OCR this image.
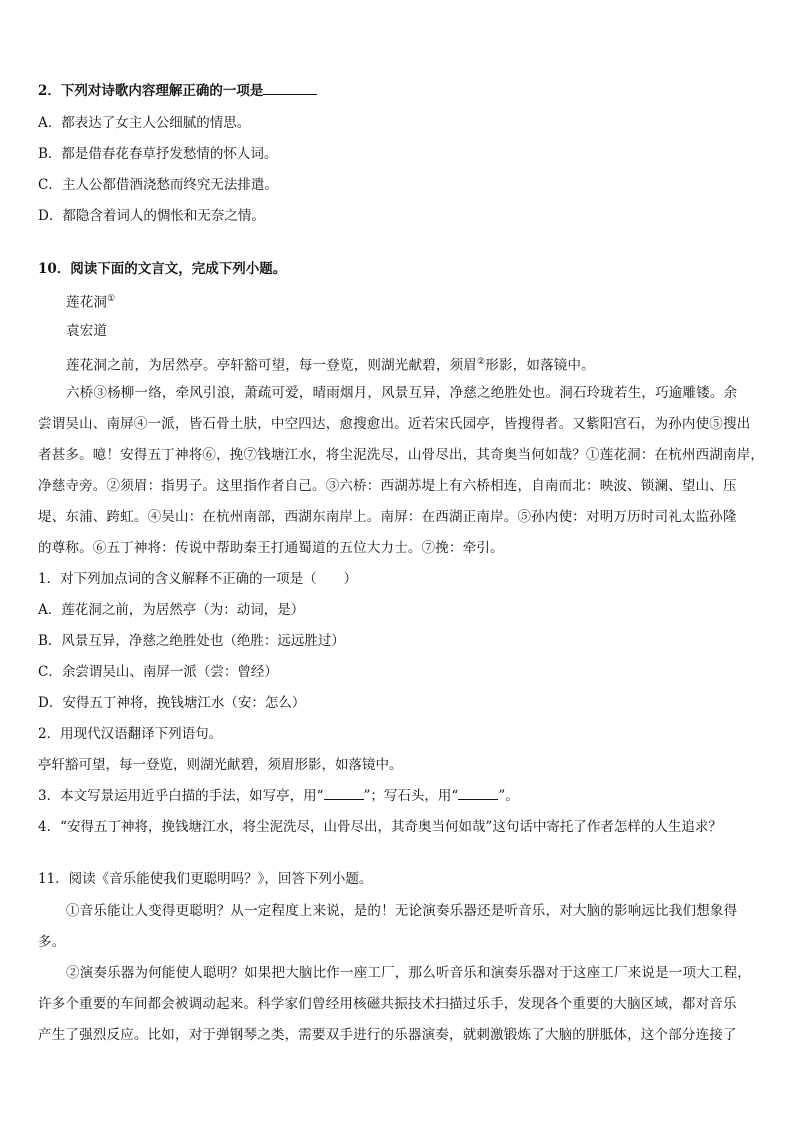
2．下列对诗歌内容理解正确的一项是
A．都表达了女主人公细腻的情思。
B．都是借春花春草抒发愁情的怀人词。
C．主人公都借酒浇愁而终究无法排遣。
D．都隐含着词人的惆怅和无奈之情。
10．阅读下面的文言文，完成下列小题。
莲花洞①
袁宏道
莲花洞之前，为居然亭。亭轩豁可望，每一登览，则湖光献碧，须眉②形影，如落镜中。
六桥③杨柳一络，牵风引浪，萧疏可爱，晴雨烟月，风景互异，净慈之绝胜处也。洞石玲珑若生，巧逾雕镂。余
尝谓吴山、南屏④一派，皆石骨土肤，中空四达，愈搜愈出。近若宋氏园亭，皆搜得者。又紫阳宫石，为孙内使⑤搜出
者甚多。噫！安得五丁神将⑥，挽⑦钱塘江水，将尘泥洗尽，山骨尽出，其奇奥当何如哉？①莲花洞：在杭州西湖南岸，
净慈寺旁。②须眉：指男子。这里指作者自己。③六桥：西湖苏堤上有六桥相连，自南而北：映波、锁澜、望山、压
堤、东浦、跨虹。④吴山：在杭州南部，西湖东南岸上。南屏：在西湖正南岸。⑤孙内使：对明万历时司礼太监孙隆
的尊称。⑥五丁神将：传说中帮助秦王打通蜀道的五位大力士。⑦挽：牵引。
1．对下列加点词的含义解释不正确的一项是（　　）
A．莲花洞之前，为居然亭（为：动词，是）
B．风景互异，净慈之绝胜处也（绝胜：远远胜过）
C．余尝谓吴山、南屏一派（尝：曾经）
D．安得五丁神将，挽钱塘江水（安：怎么）
2．用现代汉语翻译下列语句。
亭轩豁可望，每一登览，则湖光献碧，须眉形影，如落镜中。
3．本文写景运用近乎白描的手法，如写亭，用“	”；写石头，用“	”。
4．“安得五丁神将，挽钱塘江水，将尘泥洗尽，山骨尽出，其奇奥当何如哉”这句话中寄托了作者怎样的人生追求？
11．阅读《音乐能使我们更聪明吗？》，回答下列小题。
①音乐能让人变得更聪明？从一定程度上来说，是的！无论演奏乐器还是听音乐，对大脑的影响远比我们想象得
多。
②演奏乐器为何能使人聪明？如果把大脑比作一座工厂，那么听音乐和演奏乐器对于这座工厂来说是一项大工程，
许多个重要的车间都会被调动起来。科学家们曾经用核磁共振技术扫描过乐手，发现各个重要的大脑区域，都对音乐
产生了强烈反应。比如，对于弹钢琴之类，需要双手进行的乐器演奏，就刺激锻炼了大脑的胼胝体，这个部分连接了
